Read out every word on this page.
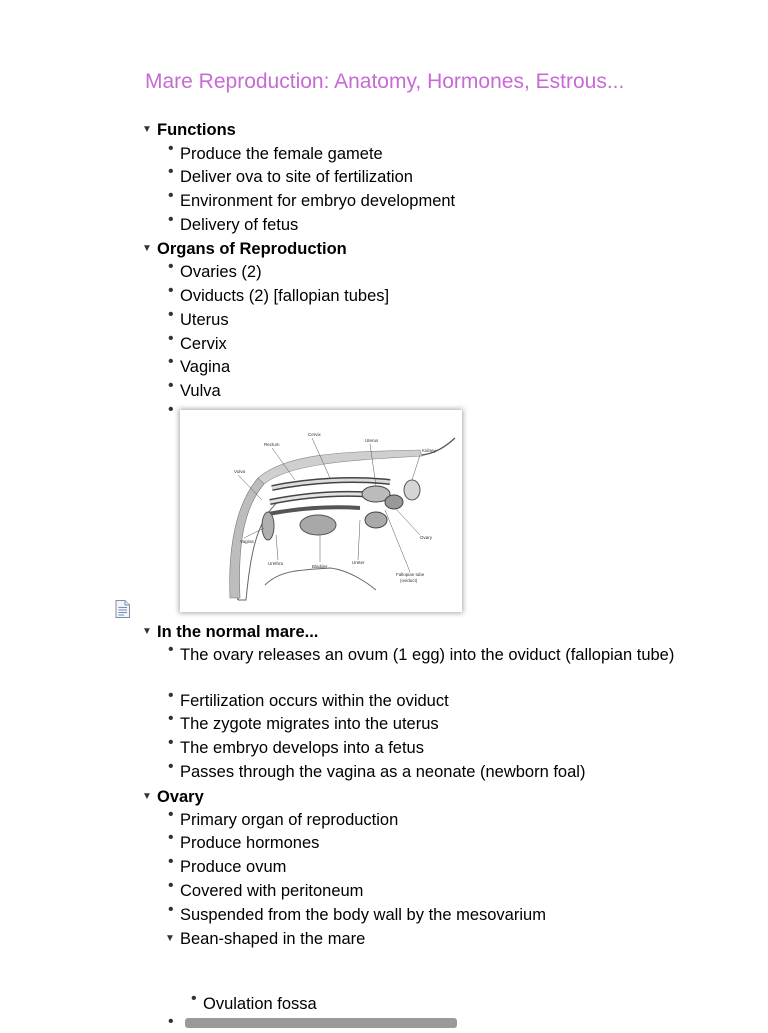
Mare Reproduction: Anatomy, Hormones, Estrous...
▼ Functions
• Produce the female gamete
• Deliver ova to site of fertilization
• Environment for embryo development
• Delivery of fetus
▼ Organs of Reproduction
• Ovaries (2)
• Oviducts (2) [fallopian tubes]
• Uterus
• Cervix
• Vagina
• Vulva
•
Rectum
Cervix
Uterus
Kidney
Vulva
Vagina
Urethra
Bladder
Ureter
Ovary
Fallopian tube
(oviduct)
▼ In the normal mare...
• The ovary releases an ovum (1 egg) into the oviduct (fallopian tube)
• Fertilization occurs within the oviduct
• The zygote migrates into the uterus
• The embryo develops into a fetus
• Passes through the vagina as a neonate (newborn foal)
▼ Ovary
• Primary organ of reproduction
• Produce hormones
• Produce ovum
• Covered with peritoneum
• Suspended from the body wall by the mesovarium
▼ Bean-shaped in the mare
• Ovulation fossa
•
